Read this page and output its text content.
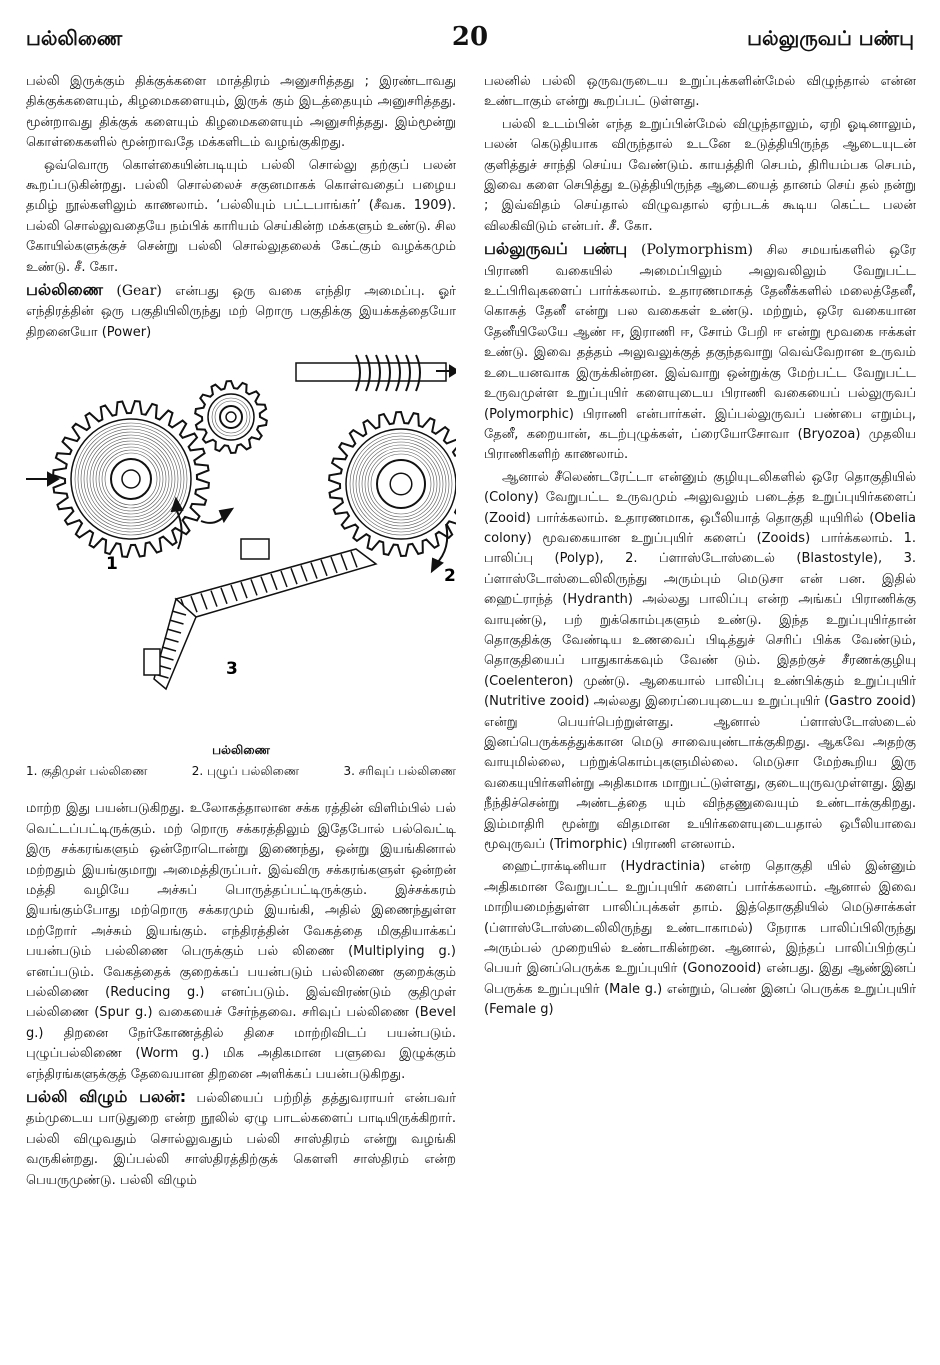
பல்லிணை	20	பல்லுருவப் பண்பு

பல்லி இருக்கும் திக்குக்களை மாத்திரம் அனுசரித்தது ; இரண்டாவது திக்குக்களையும், கிழமைகளையும், இருக் கும் இடத்தையும் அனுசரித்தது. மூன்றாவது திக்குக் களையும் கிழமைகளையும் அனுசரித்தது. இம்மூன்று கொள்கைகளில் மூன்றாவதே மக்களிடம் வழங்குகிறது.

ஒவ்வொரு கொள்கையின்படியும் பல்லி சொல்லு தற்குப் பலன் கூறப்படுகின்றது. பல்லி சொல்லைச் சகுனமாகக் கொள்வதைப் பழைய தமிழ் நூல்களிலும் காணலாம். ‘பல்லியும் பட்டபாங்கர்’ (சீவக. 1909). பல்லி சொல்லுவதையே நம்பிக் காரியம் செய்கின்ற மக்களும் உண்டு. சில கோயில்களுக்குச் சென்று பல்லி சொல்லுதலைக் கேட்கும் வழக்கமும் உண்டு. சீ. கோ.

பல்லிணை (Gear) என்பது ஒரு வகை எந்திர அமைப்பு. ஓர் எந்திரத்தின் ஒரு பகுதியிலிருந்து மற் றொரு பகுதிக்கு இயக்கத்தையோ திறனையோ (Power)

1
2
3
பல்லிணை
1. குதிமுள் பல்லிணை	2. புழுப் பல்லிணை	3. சரிவுப் பல்லிணை

மாற்ற இது பயன்படுகிறது. உலோகத்தாலான சக்க ரத்தின் விளிம்பில் பல் வெட்டப்பட்டிருக்கும். மற் றொரு சக்கரத்திலும் இதேபோல் பல்வெட்டி இரு சக்கரங்களும் ஒன்றோடொன்று இணைந்து, ஒன்று இயங்கினால் மற்றதும் இயங்குமாறு அமைத்திருப்பர். இவ்விரு சக்கரங்களுள் ஒன்றன் மத்தி வழியே அச்சுப் பொருத்தப்பட்டிருக்கும். இச்சக்கரம் இயங்கும்போது மற்றொரு சக்கரமும் இயங்கி, அதில் இணைந்துள்ள மற்றோர் அச்சும் இயங்கும். எந்திரத்தின் வேகத்தை மிகுதியாக்கப் பயன்படும் பல்லிணை பெருக்கும் பல் லிணை (Multiplying g.) எனப்படும். வேகத்தைக் குறைக்கப் பயன்படும் பல்லிணை குறைக்கும் பல்லிணை (Reducing g.) எனப்படும். இவ்விரண்டும் குதிமுள் பல்லிணை (Spur g.) வகையைச் சேர்ந்தவை. சரிவுப் பல்லிணை (Bevel g.) திறனை நேர்கோணத்தில் திசை மாற்றிவிடப் பயன்படும். புழுப்பல்லிணை (Worm g.) மிக அதிகமான பளுவை இழுக்கும் எந்திரங்களுக்குத் தேவையான திறனை அளிக்கப் பயன்படுகிறது.

பல்லி விழும் பலன்: பல்லியைப் பற்றித் தத்துவராயர் என்பவர் தம்முடைய பாடுதுறை என்ற நூலில் ஏழு பாடல்களைப் பாடியிருக்கிறார். பல்லி விழுவதும் சொல்லுவதும் பல்லி சாஸ்திரம் என்று வழங்கி வருகின்றது. இப்பல்லி சாஸ்திரத்திற்குக் கௌளி சாஸ்திரம் என்ற பெயருமுண்டு. பல்லி விழும்

பலனில் பல்லி ஒருவருடைய உறுப்புக்களின்மேல் விழுந்தால் என்ன உண்டாகும் என்று கூறப்பட் டுள்ளது.

பல்லி உடம்பின் எந்த உறுப்பின்மேல் விழுந்தாலும், ஏறி ஓடினாலும், பலன் கெடுதியாக விருந்தால் உடனே உடுத்தியிருந்த ஆடையுடன் குளித்துச் சாந்தி செய்ய வேண்டும். காயத்திரி செபம், திரியம்பக செபம், இவை களை செபித்து உடுத்தியிருந்த ஆடையைத் தானம் செய் தல் நன்று ; இவ்விதம் செய்தால் விழுவதால் ஏற்படக் கூடிய கெட்ட பலன் விலகிவிடும் என்பர். சீ. கோ.

பல்லுருவப் பண்பு (Polymorphism) சில சமயங்களில் ஒரே பிராணி வகையில் அமைப்பிலும் அலுவலிலும் வேறுபட்ட உட்பிரிவுகளைப் பார்க்கலாம். உதாரணமாகத் தேனீக்களில் மலைத்தேனீ, கொசுத் தேனீ என்று பல வகைகள் உண்டு. மற்றும், ஒரே வகையான தேனீயிலேயே ஆண் ஈ, இராணி ஈ, சோம் பேறி ஈ என்று மூவகை ஈக்கள் உண்டு. இவை தத்தம் அலுவலுக்குத் தகுந்தவாறு வெவ்வேறான உருவம் உடையனவாக இருக்கின்றன. இவ்வாறு ஒன்றுக்கு மேற்பட்ட வேறுபட்ட உருவமுள்ள உறுப்புயிர் களையுடைய பிராணி வகையைப் பல்லுருவப் (Polymorphic) பிராணி என்பார்கள். இப்பல்லுருவப் பண்பை எறும்பு, தேனீ, கறையான், கடற்புழுக்கள், ப்ரையோசோவா (Bryozoa) முதலிய பிராணிகளிற் காணலாம்.

ஆனால் சீலெண்டரேட்டா என்னும் குழியுடலிகளில் ஒரே தொகுதியில் (Colony) வேறுபட்ட உருவமும் அலுவலும் படைத்த உறுப்புயிர்களைப் (Zooid) பார்க்கலாம். உதாரணமாக, ஒபீலியாத் தொகுதி யுயிரில் (Obelia colony) மூவகையான உறுப்புயிர் களைப் (Zooids) பார்க்கலாம். 1. பாலிப்பு (Polyp), 2. ப்ளாஸ்டோஸ்டைல் (Blastostyle), 3. ப்ளாஸ்டோஸ்டைலிலிருந்து அரும்பும் மெடுசா என் பன. இதில் ஹைட்ராந்த் (Hydranth) அல்லது பாலிப்பு என்ற அங்கப் பிராணிக்கு வாயுண்டு, பற் றுக்கொம்புகளும் உண்டு. இந்த உறுப்புயிர்தான் தொகுதிக்கு வேண்டிய உணவைப் பிடித்துச் செரிப் பிக்க வேண்டும், தொகுதியைப் பாதுகாக்கவும் வேண் டும். இதற்குச் சீரணக்குழியு (Coelenteron) முண்டு. ஆகையால் பாலிப்பு உண்பிக்கும் உறுப்புயிர் (Nutritive zooid) அல்லது இரைப்பையுடைய உறுப்புயிர் (Gastro zooid) என்று பெயர்பெற்றுள்ளது. ஆனால் ப்ளாஸ்டோஸ்டைல் இனப்பெருக்கத்துக்கான மெடு சாவையுண்டாக்குகிறது. ஆகவே அதற்கு வாயுமில்லை, பற்றுக்கொம்புகளுமில்லை. மெடுசா மேற்கூறிய இரு வகையுயிர்களின்று அதிகமாக மாறுபட்டுள்ளது, குடையுருவமுள்ளது. இது நீந்திச்சென்று அண்டத்தை யும் விந்தணுவையும் உண்டாக்குகிறது. இம்மாதிரி மூன்று விதமான உயிர்களையுடையதால் ஒபீலியாவை மூவுருவப் (Trimorphic) பிராணி எனலாம்.

ஹைட்ராக்டினியா (Hydractinia) என்ற தொகுதி யில் இன்னும் அதிகமான வேறுபட்ட உறுப்புயிர் களைப் பார்க்கலாம். ஆனால் இவை மாறியமைந்துள்ள பாலிப்புக்கள் தாம். இத்தொகுதியில் மெடுசாக்கள் (ப்ளாஸ்டோஸ்டைலிலிருந்து உண்டாகாமல்) நேராக பாலிப்பிலிருந்து அரும்பல் முறையில் உண்டாகின்றன. ஆனால், இந்தப் பாலிப்பிற்குப் பெயர் இனப்பெருக்க உறுப்புயிர் (Gonozooid) என்பது. இது ஆண்இனப் பெருக்க உறுப்புயிர் (Male g.) என்றும், பெண் இனப் பெருக்க உறுப்புயிர் (Female g)
